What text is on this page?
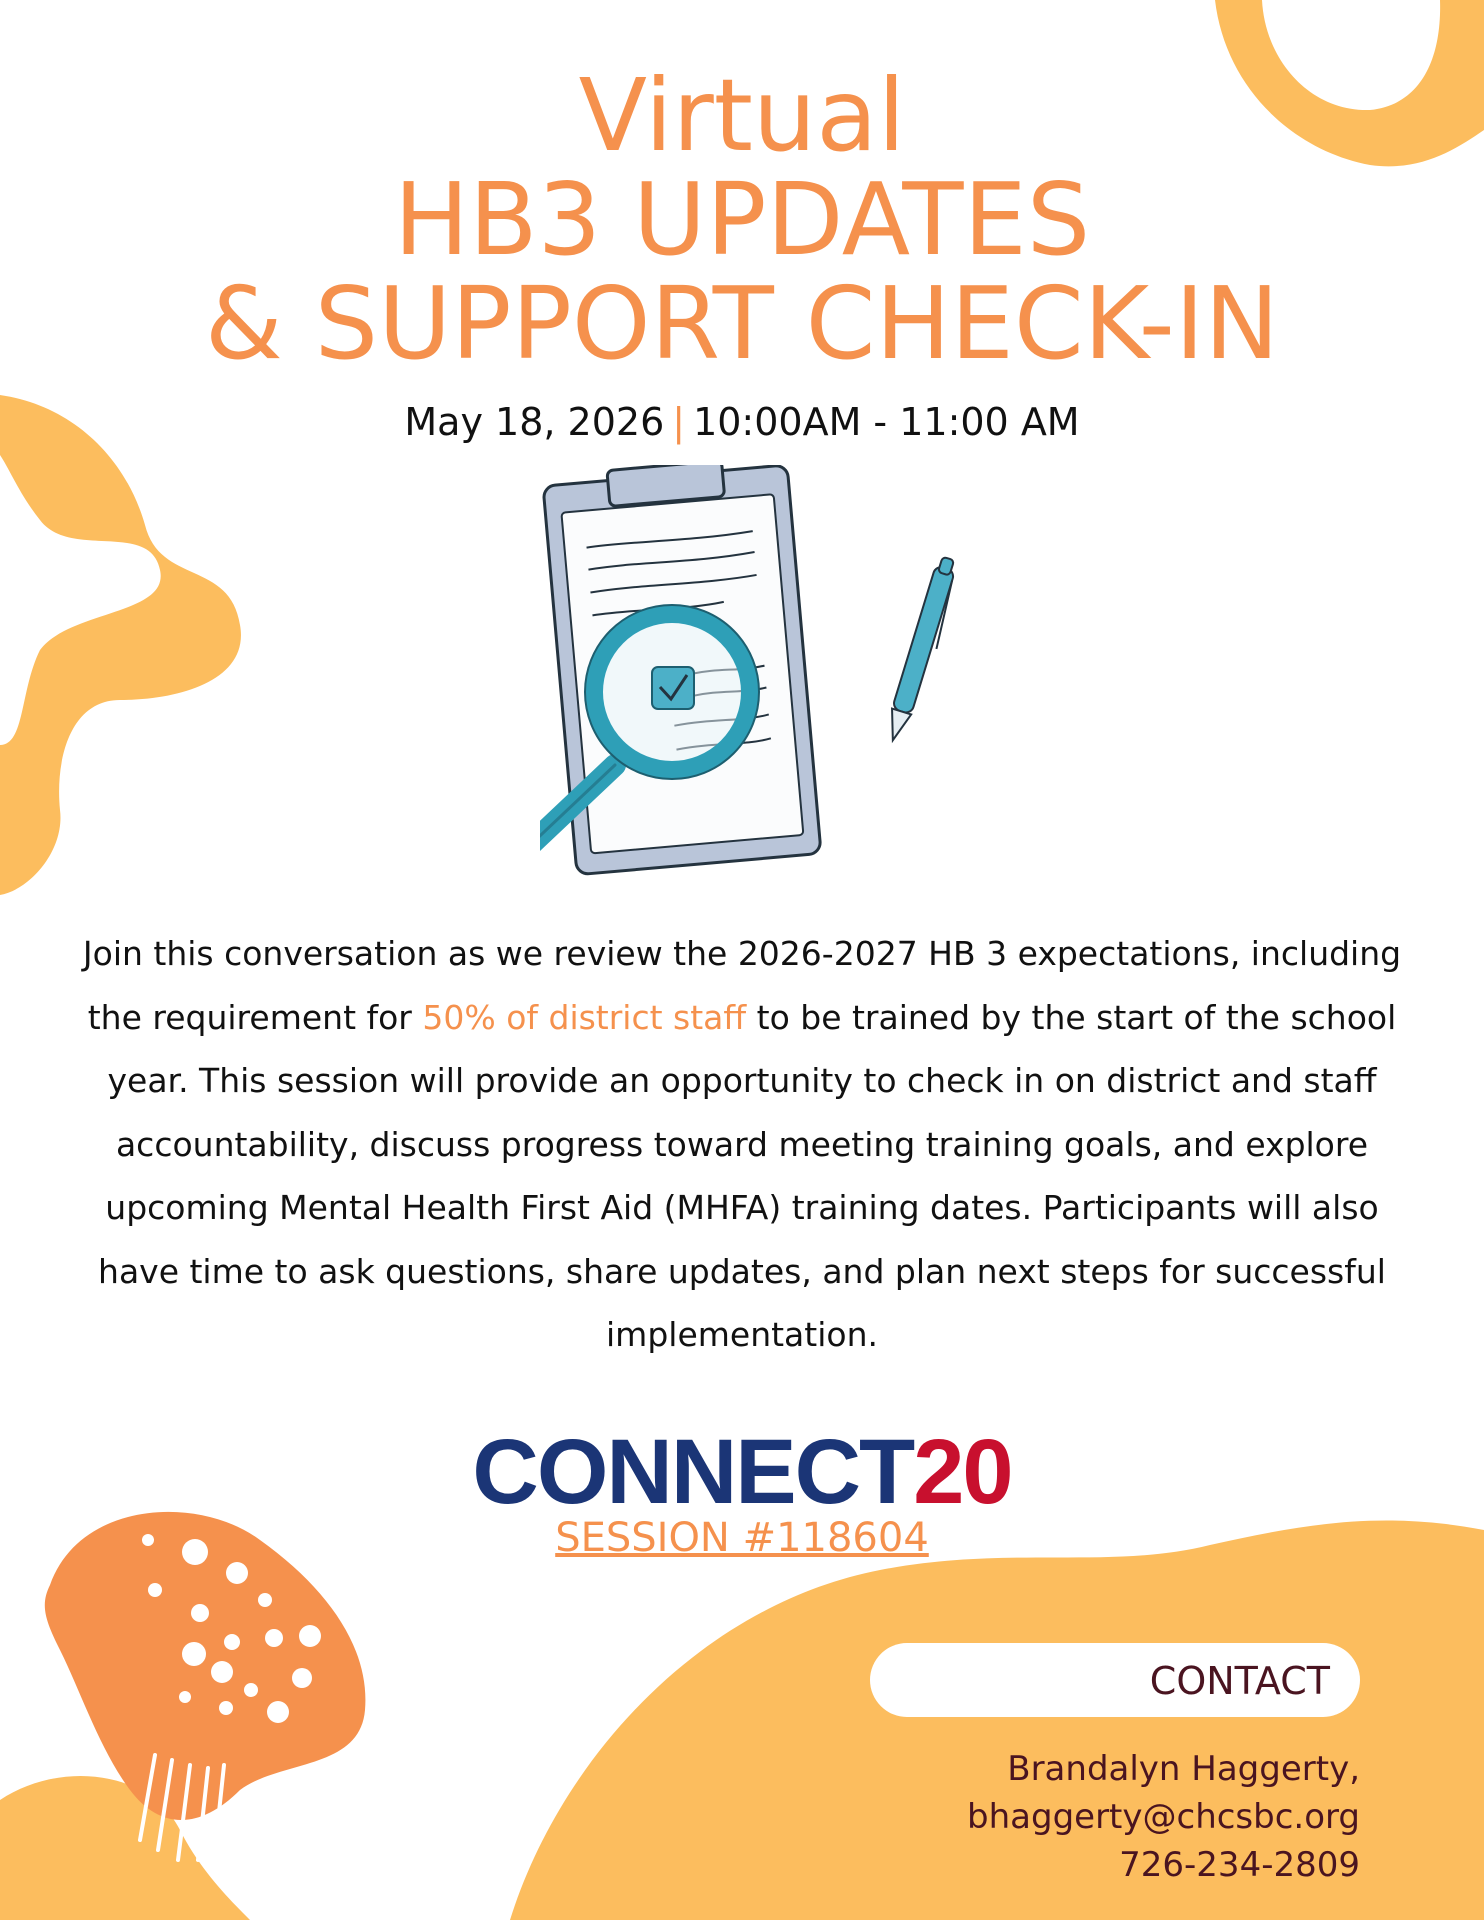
Virtual
HB3 UPDATES
& SUPPORT CHECK-IN
May 18, 2026 | 10:00AM - 11:00 AM
Join this conversation as we review the 2026-2027 HB 3 expectations, including the requirement for 50% of district staff to be trained by the start of the school year. This session will provide an opportunity to check in on district and staff accountability, discuss progress toward meeting training goals, and explore upcoming Mental Health First Aid (MHFA) training dates. Participants will also have time to ask questions, share updates, and plan next steps for successful implementation.
CONNECT20
SESSION #118604
CONTACT
Brandalyn Haggerty,
bhaggerty@chcsbc.org
726-234-2809
